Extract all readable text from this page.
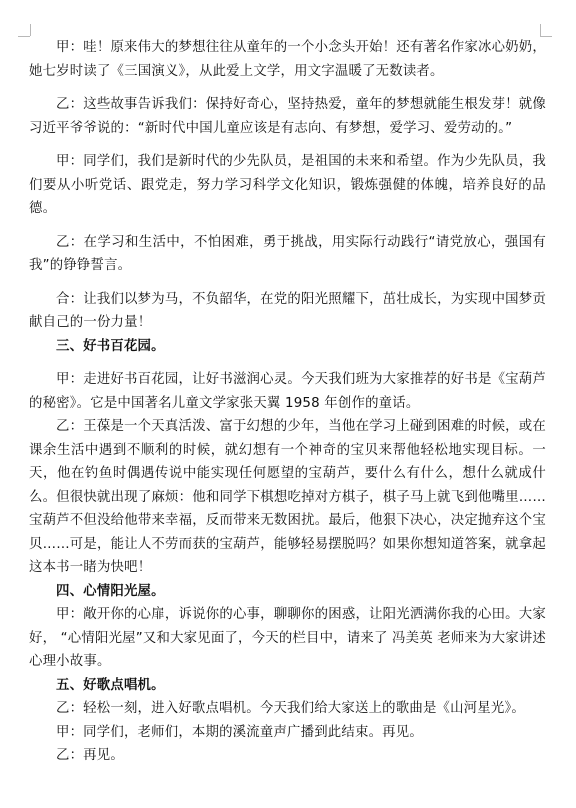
甲：哇！原来伟大的梦想往往从童年的一个小念头开始！还有著名作家冰心奶奶，她七岁时读了《三国演义》，从此爱上文学，用文字温暖了无数读者。

乙：这些故事告诉我们：保持好奇心，坚持热爱，童年的梦想就能生根发芽！就像习近平爷爷说的：“新时代中国儿童应该是有志向、有梦想，爱学习、爱劳动的。”

甲：同学们，我们是新时代的少先队员，是祖国的未来和希望。作为少先队员，我们要从小听党话、跟党走，努力学习科学文化知识，锻炼强健的体魄，培养良好的品德。

乙：在学习和生活中，不怕困难，勇于挑战，用实际行动践行“请党放心，强国有我”的铮铮誓言。

合：让我们以梦为马，不负韶华，在党的阳光照耀下，茁壮成长，为实现中国梦贡献自己的一份力量！

三、好书百花园。

甲：走进好书百花园，让好书滋润心灵。今天我们班为大家推荐的好书是《宝葫芦的秘密》。它是中国著名儿童文学家张天翼 1958 年创作的童话。

乙：王葆是一个天真活泼、富于幻想的少年，当他在学习上碰到困难的时候，或在课余生活中遇到不顺利的时候，就幻想有一个神奇的宝贝来帮他轻松地实现目标。一天，他在钓鱼时偶遇传说中能实现任何愿望的宝葫芦，要什么有什么，想什么就成什么。但很快就出现了麻烦：他和同学下棋想吃掉对方棋子，棋子马上就飞到他嘴里……宝葫芦不但没给他带来幸福，反而带来无数困扰。最后，他狠下决心，决定抛弃这个宝贝……可是，能让人不劳而获的宝葫芦，能够轻易摆脱吗？如果你想知道答案，就拿起这本书一睹为快吧！

四、心情阳光屋。

甲：敞开你的心扉，诉说你的心事，聊聊你的困惑，让阳光洒满你我的心田。大家好， “心情阳光屋”又和大家见面了，今天的栏目中，请来了 冯美英 老师来为大家讲述心理小故事。

五、好歌点唱机。

乙：轻松一刻，进入好歌点唱机。今天我们给大家送上的歌曲是《山河星光》。

甲：同学们，老师们，本期的溪流童声广播到此结束。再见。

乙：再见。
